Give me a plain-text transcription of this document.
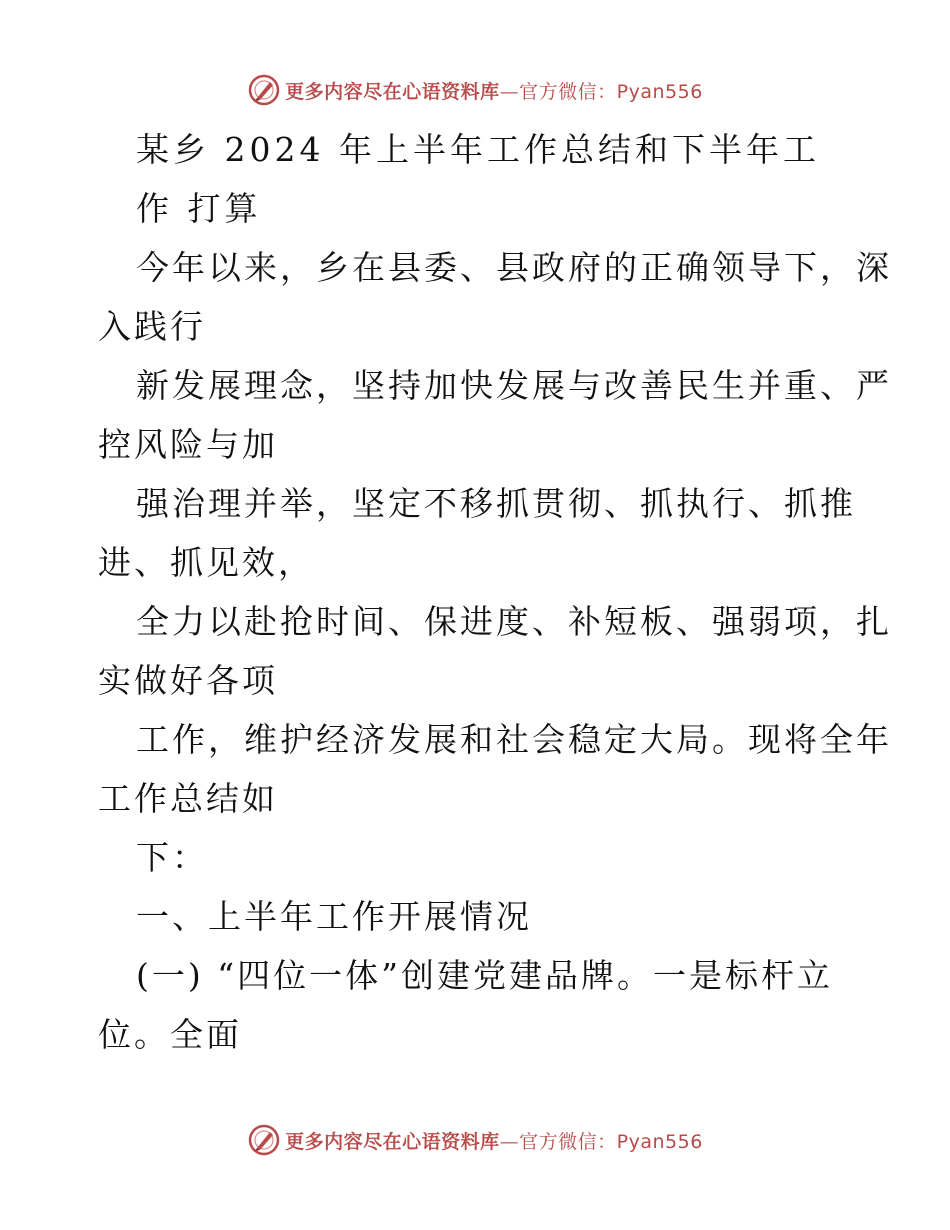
更多内容尽在心语资料库—官方微信：Pyan556
某乡 2024 年上半年工作总结和下半年工
作 打算
今年以来，乡在县委、县政府的正确领导下，深
入践行
新发展理念，坚持加快发展与改善民生并重、严
控风险与加
强治理并举，坚定不移抓贯彻、抓执行、抓推
进、抓见效，
全力以赴抢时间、保进度、补短板、强弱项，扎
实做好各项
工作，维护经济发展和社会稳定大局。现将全年
工作总结如
下：
一、上半年工作开展情况
(一) “四位一体”创建党建品牌。一是标杆立
位。全面
更多内容尽在心语资料库—官方微信：Pyan556
